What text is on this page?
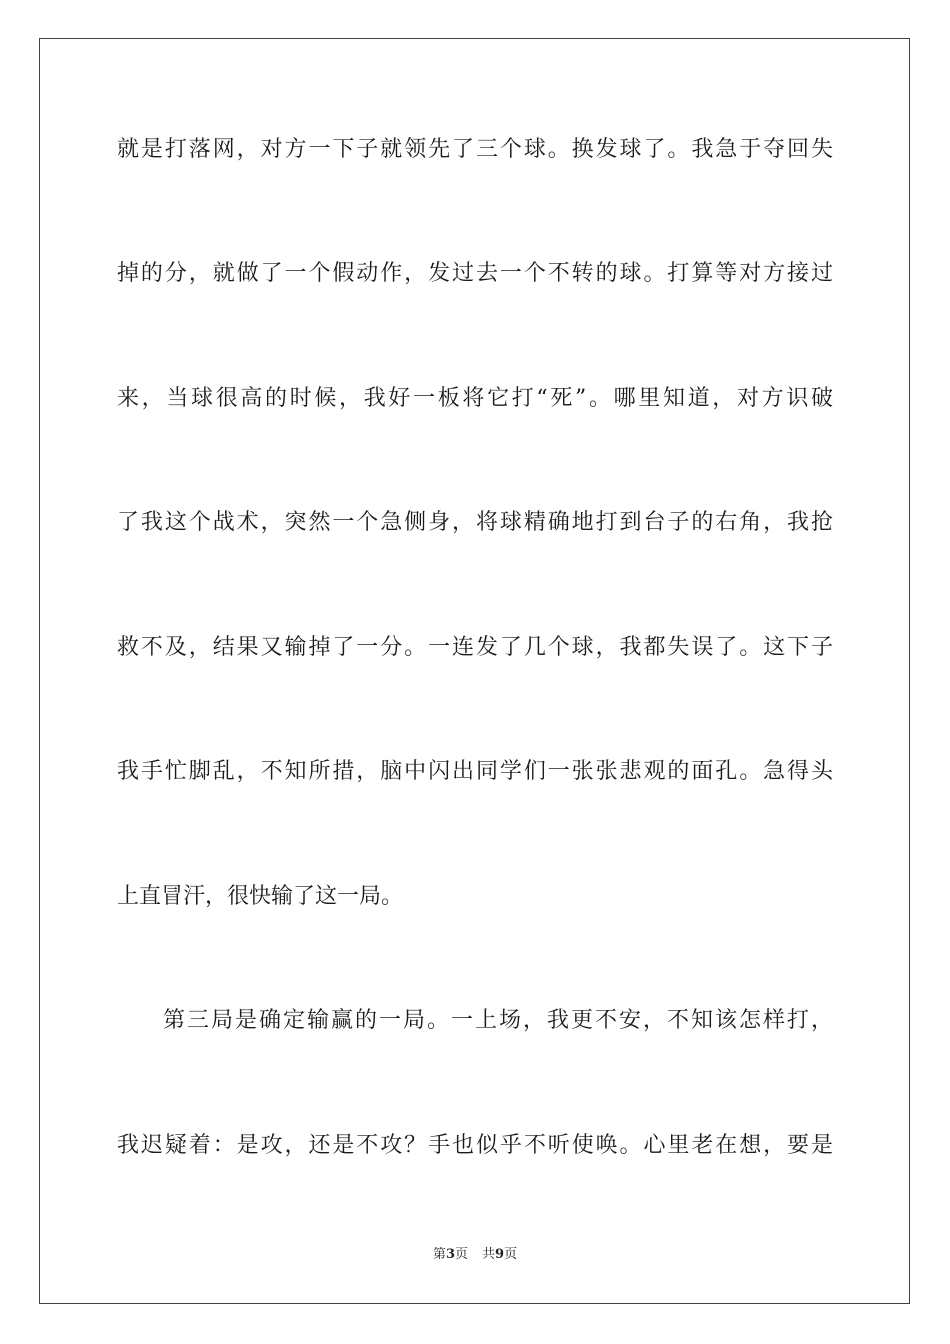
就是打落网，对方一下子就领先了三个球。换发球了。我急于夺回失
掉的分，就做了一个假动作，发过去一个不转的球。打算等对方接过
来，当球很高的时候，我好一板将它打“死”。哪里知道，对方识破
了我这个战术，突然一个急侧身，将球精确地打到台子的右角，我抢
救不及，结果又输掉了一分。一连发了几个球，我都失误了。这下子
我手忙脚乱，不知所措，脑中闪出同学们一张张悲观的面孔。急得头
上直冒汗，很快输了这一局。
第三局是确定输赢的一局。一上场，我更不安，不知该怎样打，
我迟疑着：是攻，还是不攻？手也似乎不听使唤。心里老在想，要是
第3页 共9页
